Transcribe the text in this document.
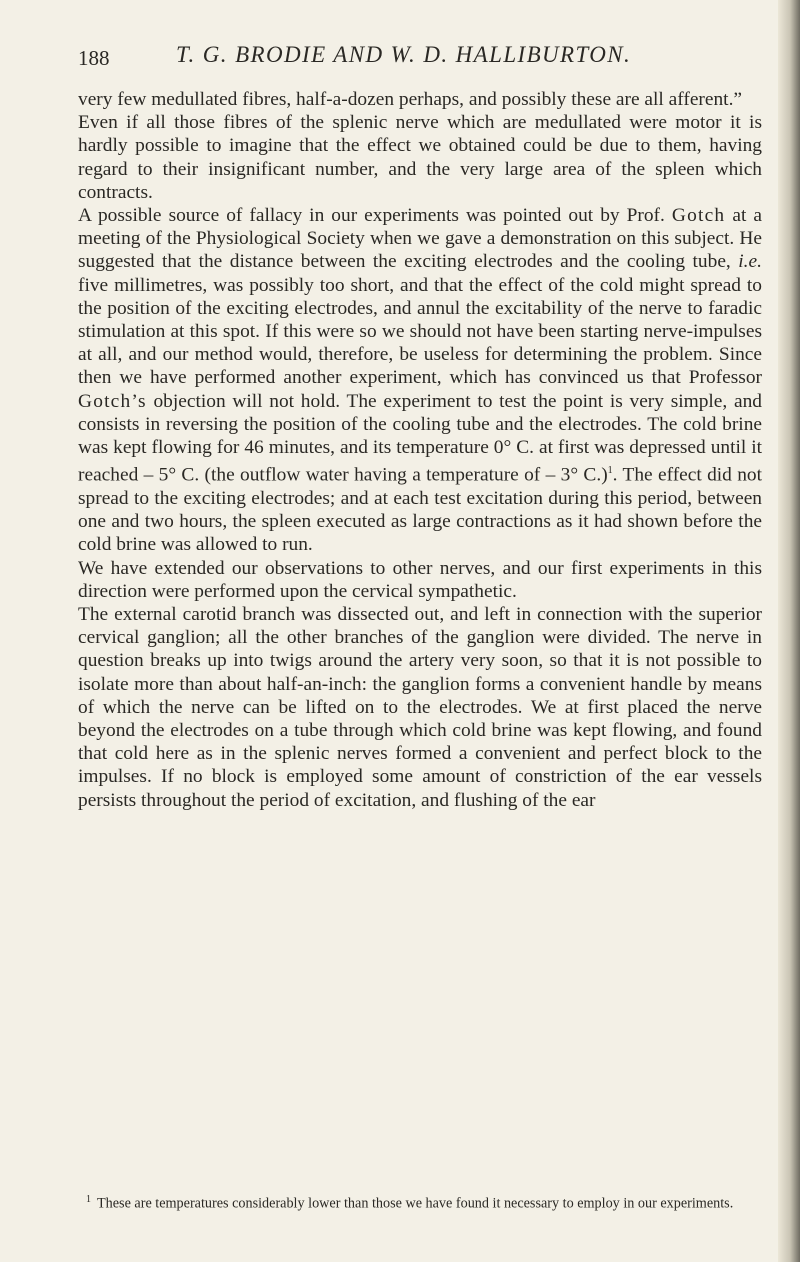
188	T. G. BRODIE AND W. D. HALLIBURTON.

very few medullated fibres, half-a-dozen perhaps, and possibly these are all afferent.”

Even if all those fibres of the splenic nerve which are medullated were motor it is hardly possible to imagine that the effect we obtained could be due to them, having regard to their insignificant number, and the very large area of the spleen which contracts.

A possible source of fallacy in our experiments was pointed out by Prof. Gotch at a meeting of the Physiological Society when we gave a demonstration on this subject. He suggested that the distance between the exciting electrodes and the cooling tube, i.e. five millimetres, was possibly too short, and that the effect of the cold might spread to the position of the exciting electrodes, and annul the excitability of the nerve to faradic stimulation at this spot. If this were so we should not have been starting nerve-impulses at all, and our method would, therefore, be useless for determining the problem. Since then we have performed another experiment, which has convinced us that Professor Gotch’s objection will not hold. The experiment to test the point is very simple, and consists in reversing the position of the cooling tube and the electrodes. The cold brine was kept flowing for 46 minutes, and its temperature 0° C. at first was depressed until it reached – 5° C. (the outflow water having a temperature of – 3° C.)$^1$. The effect did not spread to the exciting electrodes; and at each test excitation during this period, between one and two hours, the spleen executed as large contractions as it had shown before the cold brine was allowed to run.

We have extended our observations to other nerves, and our first experiments in this direction were performed upon the cervical sympathetic.

The external carotid branch was dissected out, and left in connection with the superior cervical ganglion; all the other branches of the ganglion were divided. The nerve in question breaks up into twigs around the artery very soon, so that it is not possible to isolate more than about half-an-inch: the ganglion forms a convenient handle by means of which the nerve can be lifted on to the electrodes. We at first placed the nerve beyond the electrodes on a tube through which cold brine was kept flowing, and found that cold here as in the splenic nerves formed a convenient and perfect block to the impulses. If no block is employed some amount of constriction of the ear vessels persists throughout the period of excitation, and flushing of the ear

$^1$ These are temperatures considerably lower than those we have found it necessary to employ in our experiments.
